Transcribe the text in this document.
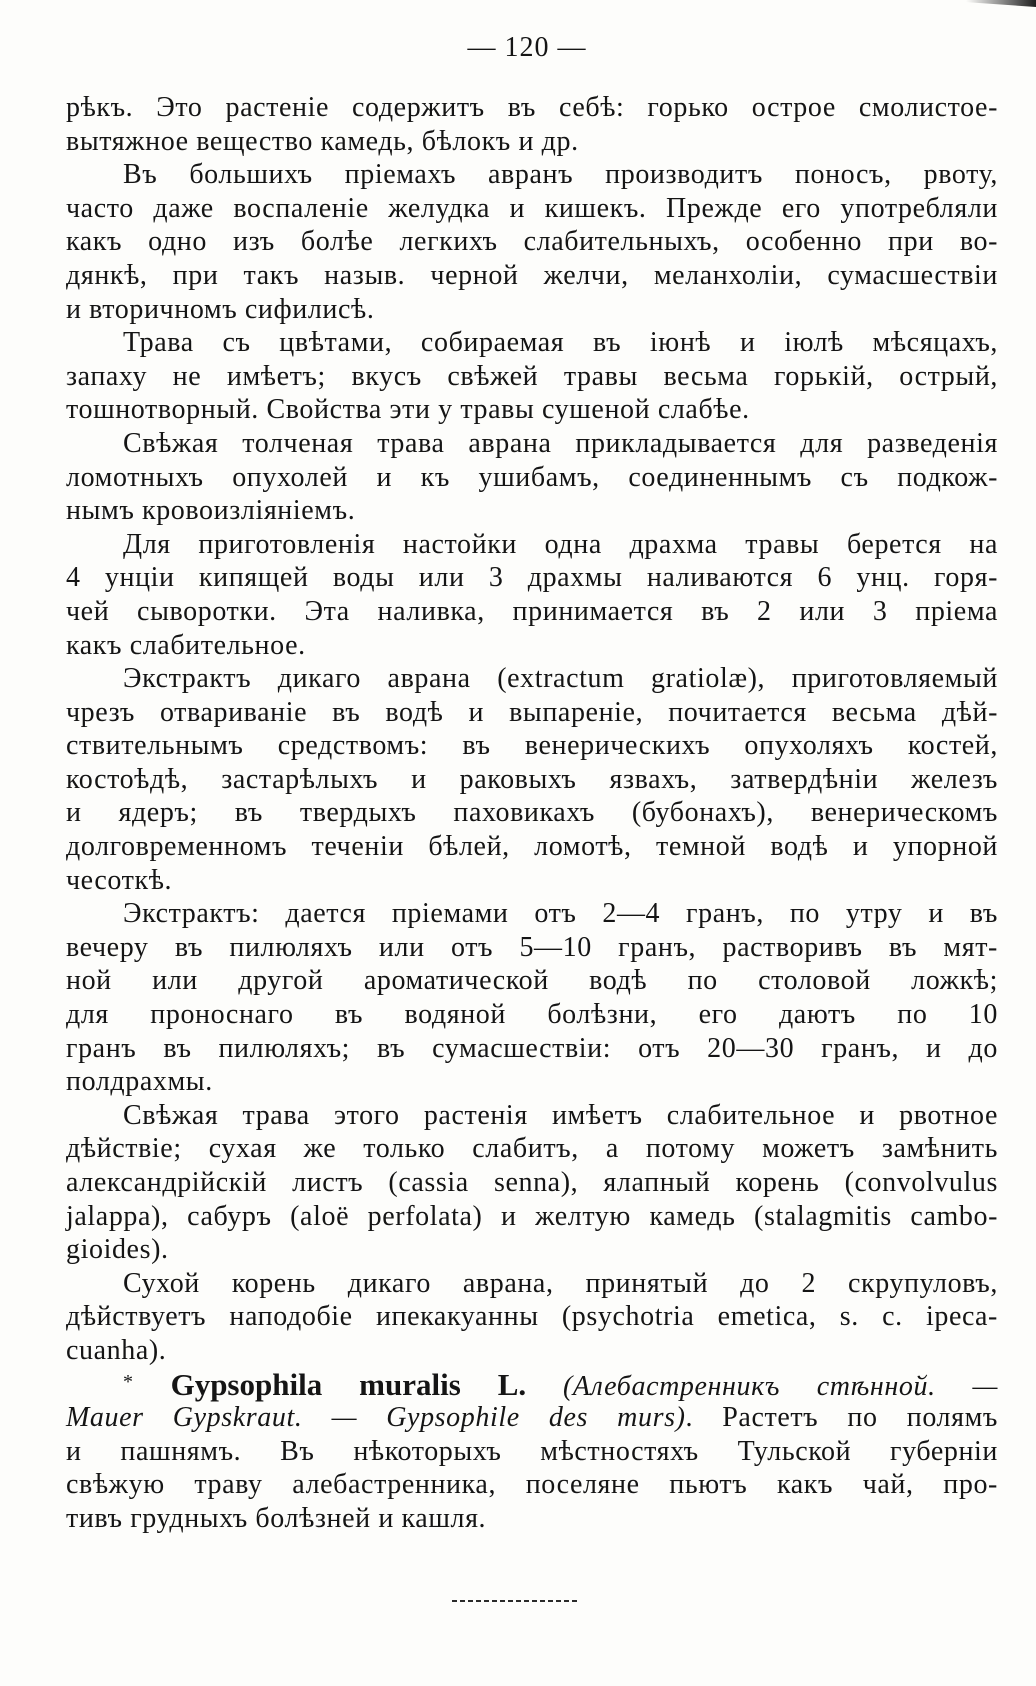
— 120 —
рѣкъ. Это растеніе содержитъ въ себѣ: горько острое смолистое-
вытяжное вещество камедь, бѣлокъ и др.
Въ большихъ пріемахъ авранъ производитъ поносъ, рвоту,
часто даже воспаленіе желудка и кишекъ. Прежде его употребляли
какъ одно изъ болѣе легкихъ слабительныхъ, особенно при во-
дянкѣ, при такъ назыв. черной желчи, меланхоліи, сумасшествіи
и вторичномъ сифилисѣ.
Трава съ цвѣтами, собираемая въ іюнѣ и іюлѣ мѣсяцахъ,
запаху не имѣетъ; вкусъ свѣжей травы весьма горькій, острый,
тошнотворный. Свойства эти у травы сушеной слабѣе.
Свѣжая толченая трава аврана прикладывается для разведенія
ломотныхъ опухолей и къ ушибамъ, соединеннымъ съ подкож-
нымъ кровоизліяніемъ.
Для приготовленія настойки одна драхма травы берется на
4 унціи кипящей воды или 3 драхмы наливаются 6 унц. горя-
чей сыворотки. Эта наливка, принимается въ 2 или 3 пріема
какъ слабительное.
Экстрактъ дикаго аврана (extractum gratiolæ), приготовляемый
чрезъ отвариваніе въ водѣ и выпареніе, почитается весьма дѣй-
ствительнымъ средствомъ: въ венерическихъ опухоляхъ костей,
костоѣдѣ, застарѣлыхъ и раковыхъ язвахъ, затвердѣніи железъ
и ядеръ; въ твердыхъ паховикахъ (бубонахъ), венерическомъ
долговременномъ теченіи бѣлей, ломотѣ, темной водѣ и упорной
чесоткѣ.
Экстрактъ: дается пріемами отъ 2—4 гранъ, по утру и въ
вечеру въ пилюляхъ или отъ 5—10 гранъ, растворивъ въ мят-
ной или другой ароматической водѣ по столовой ложкѣ;
для проноснаго въ водяной болѣзни, его даютъ по 10
гранъ въ пилюляхъ; въ сумасшествіи: отъ 20—30 гранъ, и до
полдрахмы.
Свѣжая трава этого растенія имѣетъ слабительное и рвотное
дѣйствіе; сухая же только слабитъ, а потому можетъ замѣнить
александрійскій листъ (cassia senna), ялапный корень (convolvulus
jalappa), сабуръ (aloë perfolata) и желтую камедь (stalagmitis cambo-
gioides).
Сухой корень дикаго аврана, принятый до 2 скрупуловъ,
дѣйствуетъ наподобіе ипекакуанны (psychotria emetica, s. c. ipeca-
cuanha).
* Gypsophila muralis L. (Алебастренникъ стѣнной. —
Mauer Gypskraut. — Gypsophile des murs). Растетъ по полямъ
и пашнямъ. Въ нѣкоторыхъ мѣстностяхъ Тульской губерніи
свѣжую траву алебастренника, поселяне пьютъ какъ чай, про-
тивъ грудныхъ болѣзней и кашля.
